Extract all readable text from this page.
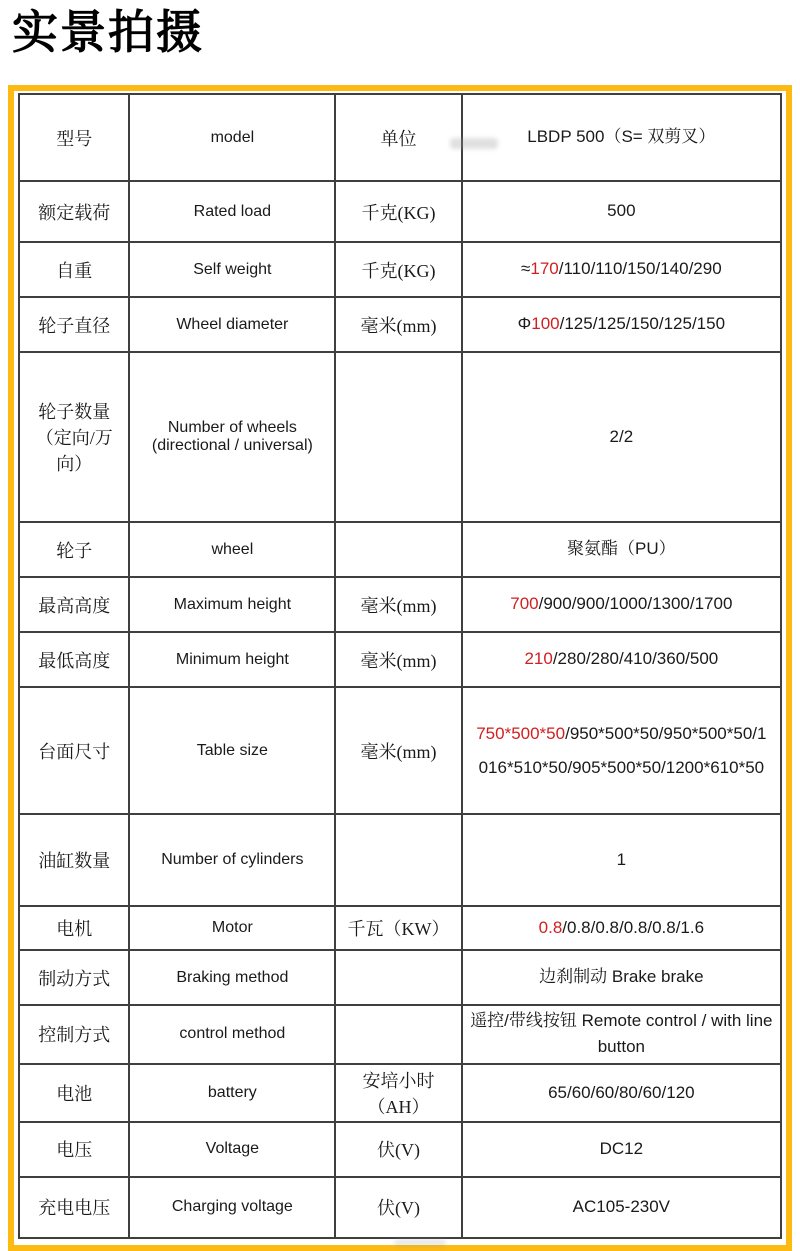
实景拍摄
型号	model	单位	LBDP 500（S= 双剪叉）
额定载荷	Rated load	千克(KG)	500
自重	Self weight	千克(KG)	≈170/110/110/150/140/290
轮子直径	Wheel diameter	毫米(mm)	Φ100/125/125/150/125/150
轮子数量（定向/万向）	Number of wheels (directional / universal)		2/2
轮子	wheel		聚氨酯（PU）
最高高度	Maximum height	毫米(mm)	700/900/900/1000/1300/1700
最低高度	Minimum height	毫米(mm)	210/280/280/410/360/500
台面尺寸	Table size	毫米(mm)	750*500*50/950*500*50/950*500*50/1016*510*50/905*500*50/1200*610*50
油缸数量	Number of cylinders		1
电机	Motor	千瓦（KW）	0.8/0.8/0.8/0.8/0.8/1.6
制动方式	Braking method		边刹制动 Brake brake
控制方式	control method		遥控/带线按钮 Remote control / with line button
电池	battery	安培小时（AH）	65/60/60/80/60/120
电压	Voltage	伏(V)	DC12
充电电压	Charging voltage	伏(V)	AC105-230V
